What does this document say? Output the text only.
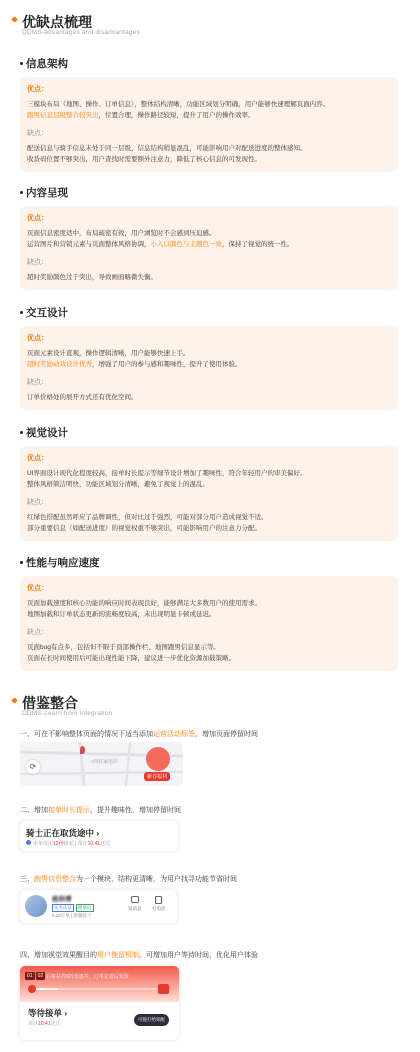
优缺点梳理
DDMS-advantages and disadvantages
信息架构
优点：
三模块布局（地图、操作、订单信息），整体结构清晰，功能区域划分明确，用户能够快速理解页面内容。
跑男信息层级整合较突出，位置合理，操作路径较短，提升了用户的操作效率。
缺点：
配送信息与骑手信息未处于同一层级，信息结构稍显混乱，可能影响用户对配送进度的整体感知。
收货码位置不够突出，用户查找时需要额外注意力，降低了核心信息的可发现性。
内容呈现
优点：
页面信息密度适中，布局疏密有致，用户浏览时不会感到压迫感。
运营图片和营销元素与页面整体风格协调，小入口颜色与主题色一致，保持了视觉的统一性。
缺点：
超时奖励颜色过于突出，导致画面略微失衡。
交互设计
优点：
页面元素设计直观，操作逻辑清晰，用户能够快速上手。
超时奖励动效设计优秀，增强了用户的参与感和趣味性，提升了使用体验。
缺点：
订单价格处的展开方式还有优化空间。
视觉设计
优点：
UI界面设计现代化程度较高，接单时长提示等细节设计增加了趣味性，符合年轻用户的审美偏好。
整体风格简洁明快，功能区域划分清晰，避免了视觉上的混乱。
缺点：
红绿色搭配虽然呼应了品牌调性，但对比过于强烈，可能对部分用户造成视觉不适。
部分重要信息（如配送进度）的视觉权重不够突出，可能影响用户的注意力分配。
性能与响应速度
优点：
页面加载速度和核心功能的响应时间表现良好，能够满足大多数用户的使用需求。
地图加载和订单状态更新的流畅度较高，未出现明显卡顿或延迟。
缺点：
页面bug有点多，包括但不限于顶部操作栏、地图跑男信息显示等。
页面在长时间使用后可能出现性能下降，建议进一步优化资源加载策略。
借鉴整合
DDMS-Learn from integration
一、可在不影响整体页面的情况下适当添加运营活动标签，增加页面停留时间
二、增加接单时长提示，提升趣味性，增加停留时间
三、跑男信息整合为一个模块，结构更清晰，为用户找寻功能节省时间
四、增加视觉效果醒目的用户挽留机制，可增加用户等待时间，优化用户体验
⟳	○西农家电店
新春福利
骑士正在取货途中 ›
本单仅用12秒接起 | 预计10:41送达
姚师傅
实名认证	健康码
5.10万单 | 新疆骑士
发消息 打电话
01	02 后将获得8折优惠券，订单完成后发放
等待接单 ›
预计10:41送达
可拨打给知配
